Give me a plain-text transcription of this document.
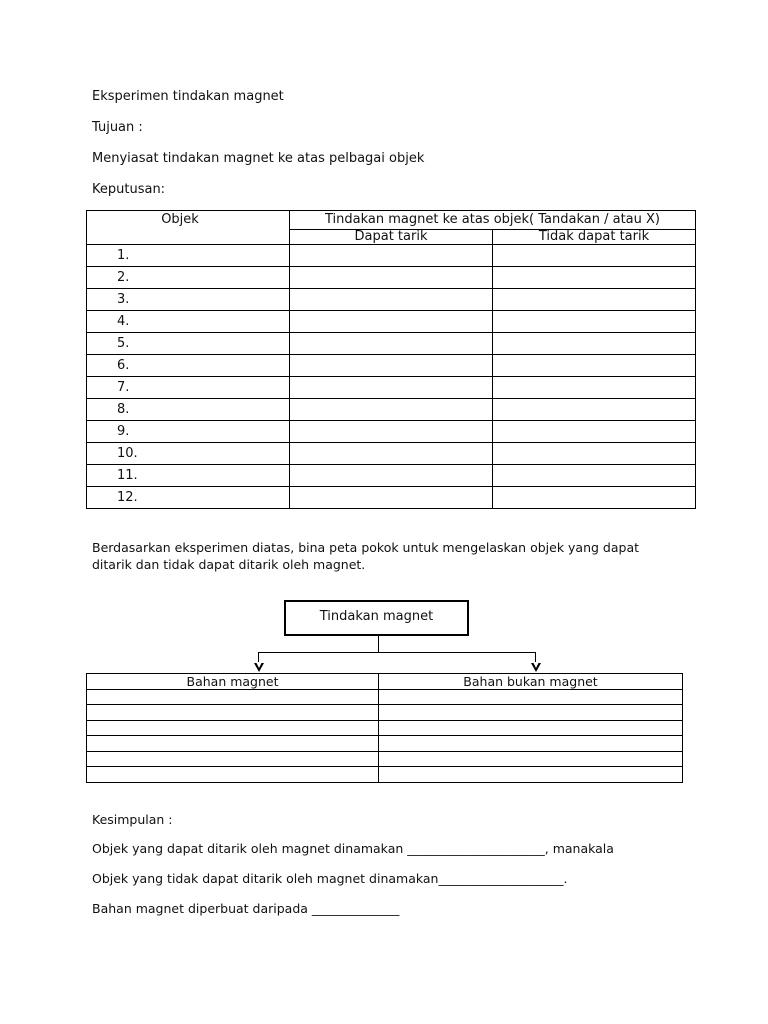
Eksperimen tindakan magnet
Tujuan :
Menyiasat tindakan magnet ke atas pelbagai objek
Keputusan:
Objek	Tindakan magnet ke atas objek( Tandakan / atau X)	
	Dapat tarik	Tidak dapat tarik
1.		
2.		
3.		
4.		
5.		
6.		
7.		
8.		
9.		
10.		
11.		
12.		
Berdasarkan eksperimen diatas, bina peta pokok untuk mengelaskan objek yang dapat
ditarik dan tidak dapat ditarik oleh magnet.
Tindakan magnet
Bahan magnet	Bahan bukan magnet

Kesimpulan :
Objek yang dapat ditarik oleh magnet dinamakan ______________________, manakala
Objek yang tidak dapat ditarik oleh magnet dinamakan____________________.
Bahan magnet diperbuat daripada ______________
